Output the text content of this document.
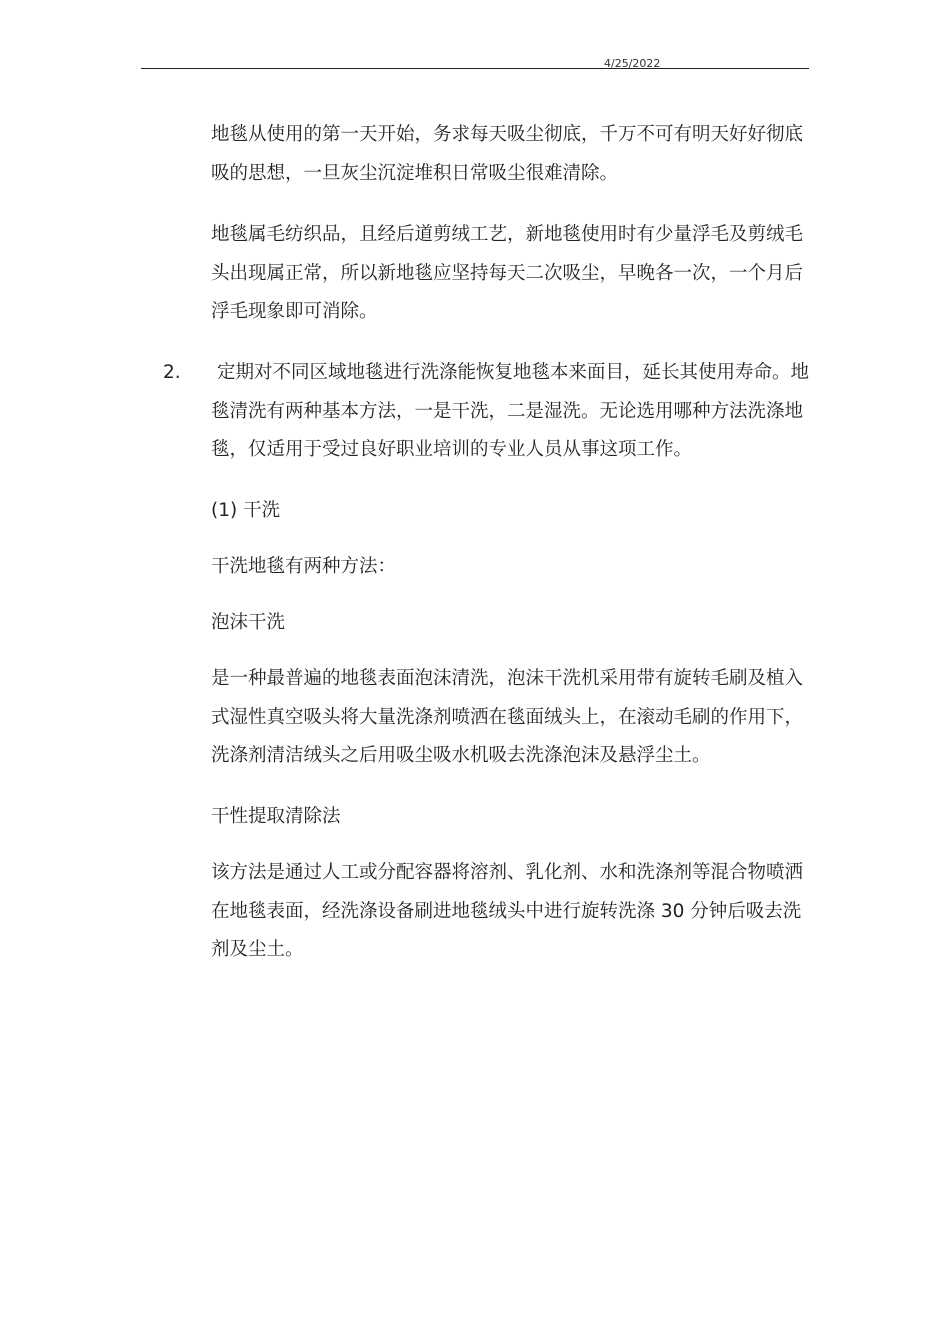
4/25/2022
地毯从使用的第一天开始，务求每天吸尘彻底，千万不可有明天好好彻底吸的思想，一旦灰尘沉淀堆积日常吸尘很难清除。
地毯属毛纺织品，且经后道剪绒工艺，新地毯使用时有少量浮毛及剪绒毛头出现属正常，所以新地毯应坚持每天二次吸尘，早晚各一次，一个月后浮毛现象即可消除。
2.	定期对不同区域地毯进行洗涤能恢复地毯本来面目，延长其使用寿命。地毯清洗有两种基本方法，一是干洗，二是湿洗。无论选用哪种方法洗涤地毯，仅适用于受过良好职业培训的专业人员从事这项工作。
(1) 干洗
干洗地毯有两种方法：
泡沫干洗
是一种最普遍的地毯表面泡沫清洗，泡沫干洗机采用带有旋转毛刷及植入式湿性真空吸头将大量洗涤剂喷洒在毯面绒头上，在滚动毛刷的作用下，洗涤剂清洁绒头之后用吸尘吸水机吸去洗涤泡沫及悬浮尘土。
干性提取清除法
该方法是通过人工或分配容器将溶剂、乳化剂、水和洗涤剂等混合物喷洒在地毯表面，经洗涤设备刷进地毯绒头中进行旋转洗涤 30 分钟后吸去洗剂及尘土。
